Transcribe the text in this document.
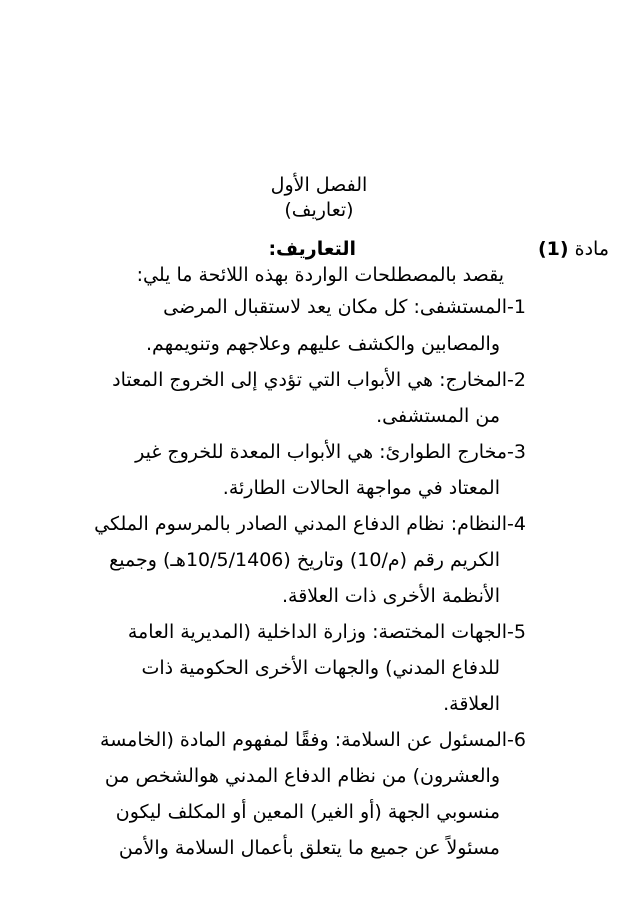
الفصل الأول
(تعاريف)
مادة (1)
التعاريف:
يقصد بالمصطلحات الواردة بهذه اللائحة ما يلي:
1-المستشفى: كل مكان يعد لاستقبال المرضى
والمصابين والكشف عليهم وعلاجهم وتنويمهم.
2-المخارج: هي الأبواب التي تؤدي إلى الخروج المعتاد
من المستشفى.
3-مخارج الطوارئ: هي الأبواب المعدة للخروج غير
المعتاد في مواجهة الحالات الطارئة.
4-النظام: نظام الدفاع المدني الصادر بالمرسوم الملكي
الكريم رقم (م/10) وتاريخ (10/5/1406هـ) وجميع
الأنظمة الأخرى ذات العلاقة.
5-الجهات المختصة: وزارة الداخلية (المديرية العامة
للدفاع المدني) والجهات الأخرى الحكومية ذات
العلاقة.
6-المسئول عن السلامة: وفقًا لمفهوم المادة (الخامسة
والعشرون) من نظام الدفاع المدني هوالشخص من
منسوبي الجهة (أو الغير) المعين أو المكلف ليكون
مسئولاً عن جميع ما يتعلق بأعمال السلامة والأمن
